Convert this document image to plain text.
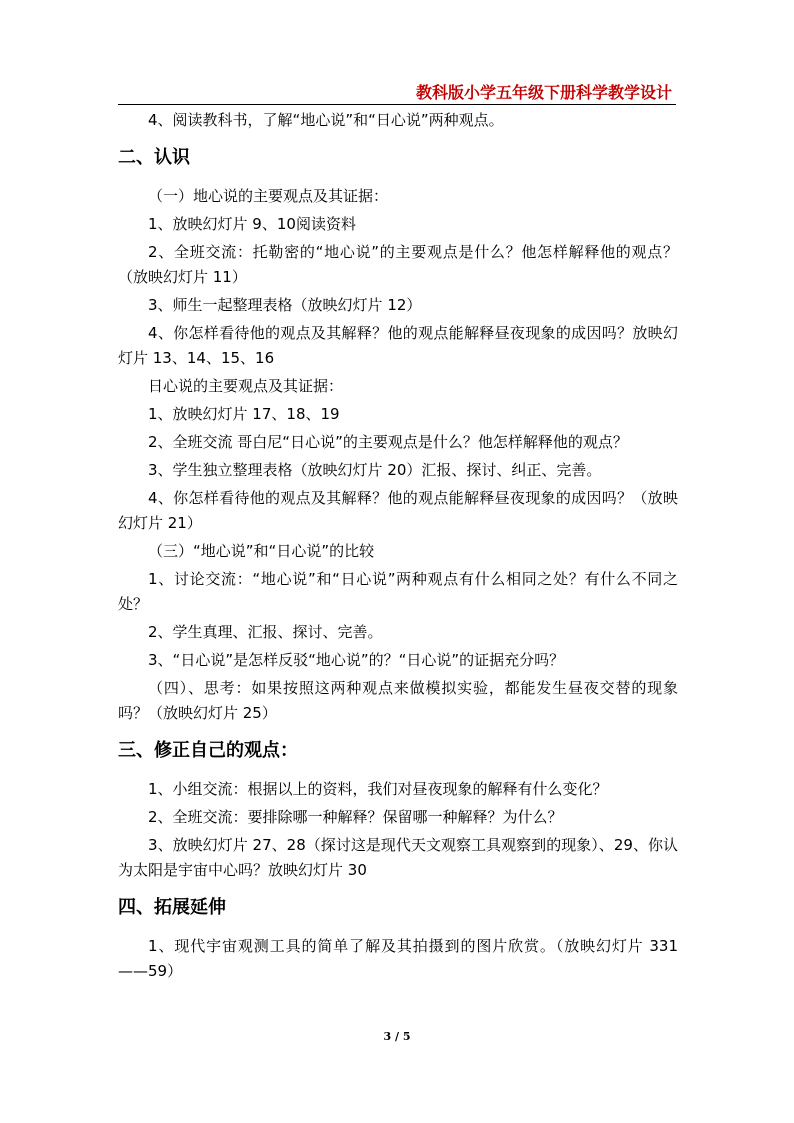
教科版小学五年级下册科学教学设计

4、阅读教科书，了解“地心说”和“日心说”两种观点。

二、认识

（一）地心说的主要观点及其证据：

1、放映幻灯片 9、10阅读资料

2、全班交流：托勒密的“地心说”的主要观点是什么？他怎样解释他的观点？（放映幻灯片 11）

3、师生一起整理表格（放映幻灯片 12）

4、你怎样看待他的观点及其解释？他的观点能解释昼夜现象的成因吗？放映幻灯片 13、14、15、16

日心说的主要观点及其证据：

1、放映幻灯片 17、18、19

2、全班交流 哥白尼“日心说”的主要观点是什么？他怎样解释他的观点？

3、学生独立整理表格（放映幻灯片 20）汇报、探讨、纠正、完善。

4、你怎样看待他的观点及其解释？他的观点能解释昼夜现象的成因吗？（放映幻灯片 21）

（三）“地心说”和“日心说”的比较

1、讨论交流：“地心说”和“日心说”两种观点有什么相同之处？有什么不同之处？

2、学生真理、汇报、探讨、完善。

3、“日心说”是怎样反驳“地心说”的？“日心说”的证据充分吗？

（四）、思考：如果按照这两种观点来做模拟实验，都能发生昼夜交替的现象吗？（放映幻灯片 25）

三、修正自己的观点：

1、小组交流：根据以上的资料，我们对昼夜现象的解释有什么变化？

2、全班交流：要排除哪一种解释？保留哪一种解释？为什么？

3、放映幻灯片 27、28（探讨这是现代天文观察工具观察到的现象）、29、你认为太阳是宇宙中心吗？放映幻灯片 30

四、拓展延伸

1、现代宇宙观测工具的简单了解及其拍摄到的图片欣赏。（放映幻灯片 331——59）

3 / 5
